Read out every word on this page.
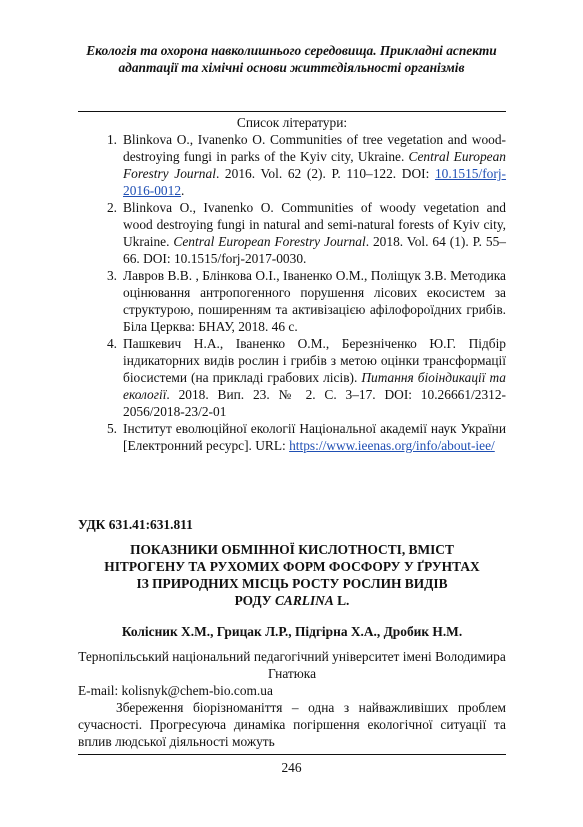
Екологія та охорона навколишнього середовища. Прикладні аспекти адаптації та хімічні основи життєдіяльності організмів
Список літератури:
1. Blinkova O., Ivanenko O. Communities of tree vegetation and wood-destroying fungi in parks of the Kyiv city, Ukraine. Central European Forestry Journal. 2016. Vol. 62 (2). P. 110–122. DOI: 10.1515/forj-2016-0012.
2. Blinkova O., Ivanenko O. Communities of woody vegetation and wood destroying fungi in natural and semi-natural forests of Kyiv city, Ukraine. Central European Forestry Journal. 2018. Vol. 64 (1). P. 55–66. DOI: 10.1515/forj-2017-0030.
3. Лавров В.В. , Блінкова О.І., Іваненко О.М., Поліщук З.В. Методика оцінювання антропогенного порушення лісових екосистем за структурою, поширенням та активізацією афілофороїдних грибів. Біла Церква: БНАУ, 2018. 46 с.
4. Пашкевич Н.А., Іваненко О.М., Березніченко Ю.Г. Підбір індикаторних видів рослин і грибів з метою оцінки трансформації біосистеми (на прикладі грабових лісів). Питання біоіндикації та екології. 2018. Вип. 23. № 2. С. 3–17. DOI: 10.26661/2312-2056/2018-23/2-01
5. Інститут еволюційної екології Національної академії наук України [Електронний ресурс]. URL: https://www.ieenas.org/info/about-iee/
УДК 631.41:631.811
ПОКАЗНИКИ ОБМІННОЇ КИСЛОТНОСТІ, ВМІСТ
НІТРОГЕНУ ТА РУХОМИХ ФОРМ ФОСФОРУ У ҐРУНТАХ
ІЗ ПРИРОДНИХ МІСЦЬ РОСТУ РОСЛИН ВИДІВ
РОДУ CARLINA L.
Колісник Х.М., Грицак Л.Р., Підгірна Х.А., Дробик Н.М.
Тернопільський національний педагогічний університет імені Володимира Гнатюка
E-mail: kolisnyk@chem-bio.com.ua
Збереження біорізноманіття – одна з найважливіших проблем сучасності. Прогресуюча динаміка погіршення екологічної ситуації та вплив людської діяльності можуть
246
